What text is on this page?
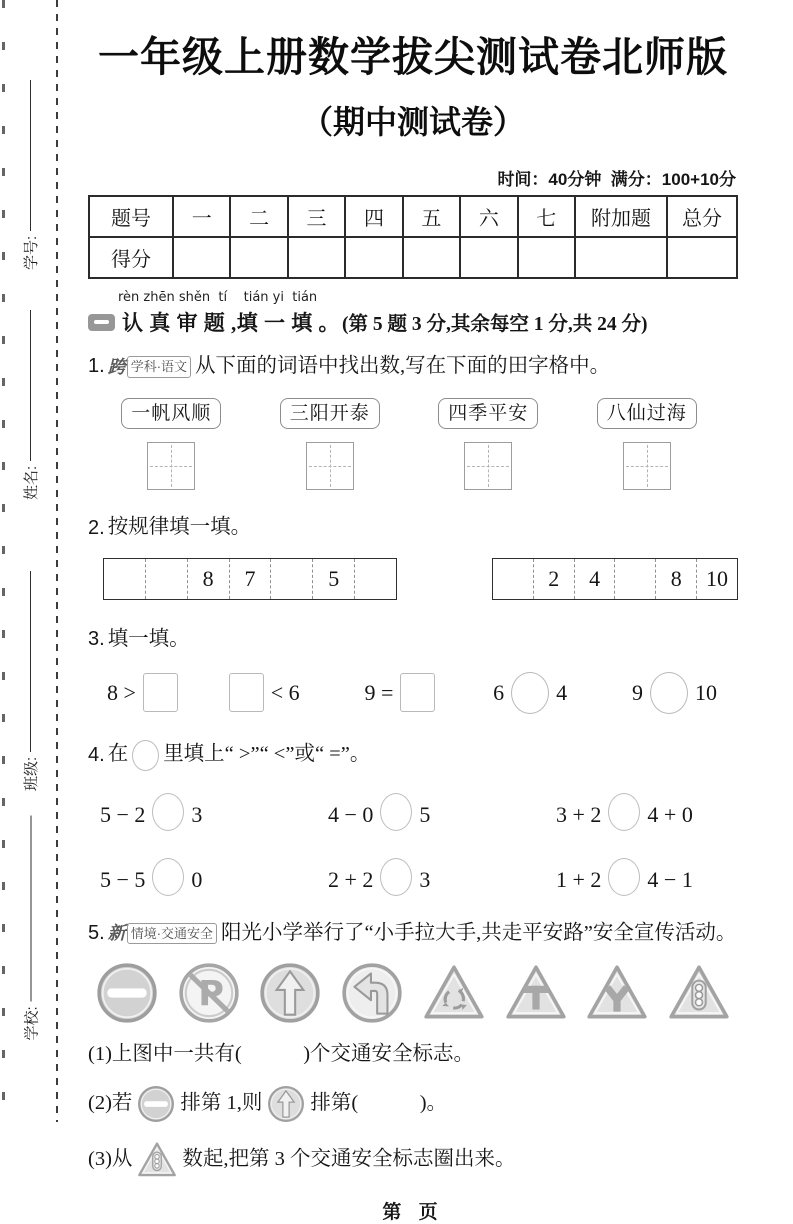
学号:
姓名:
班级:
学校:
一年级上册数学拔尖测试卷北师版
（期中测试卷）
时间：40分钟  满分：100+10分
题号	一	二	三	四	五	六	七	附加题	总分
得分									
rèn zhēn shěn  tí    tián yi  tián
认 真 审 题 ,填 一 填 。 (第 5 题 3 分,其余每空 1 分,共 24 分)
1. 跨 学科·语文 从下面的词语中找出数,写在下面的田字格中。
一帆风顺	三阳开泰	四季平安	八仙过海
2. 按规律填一填。
8	7	5	2	4	8	10
3. 填一填。
8 >	< 6	9 =	6 4	9 10
4. 在 里填上“ >”“ <”或“ =”。
5 − 2 3	4 − 0 5	3 + 2 4 + 0
5 − 5 0	2 + 2 3	1 + 2 4 − 1
5. 新 情境·交通安全 阳光小学举行了“小手拉大手,共走平安路”安全宣传活动。
(1)上图中一共有(　　　)个交通安全标志。
(2)若 排第 1,则 排第(　　　)。
(3)从 数起,把第 3 个交通安全标志圈出来。
第 页
